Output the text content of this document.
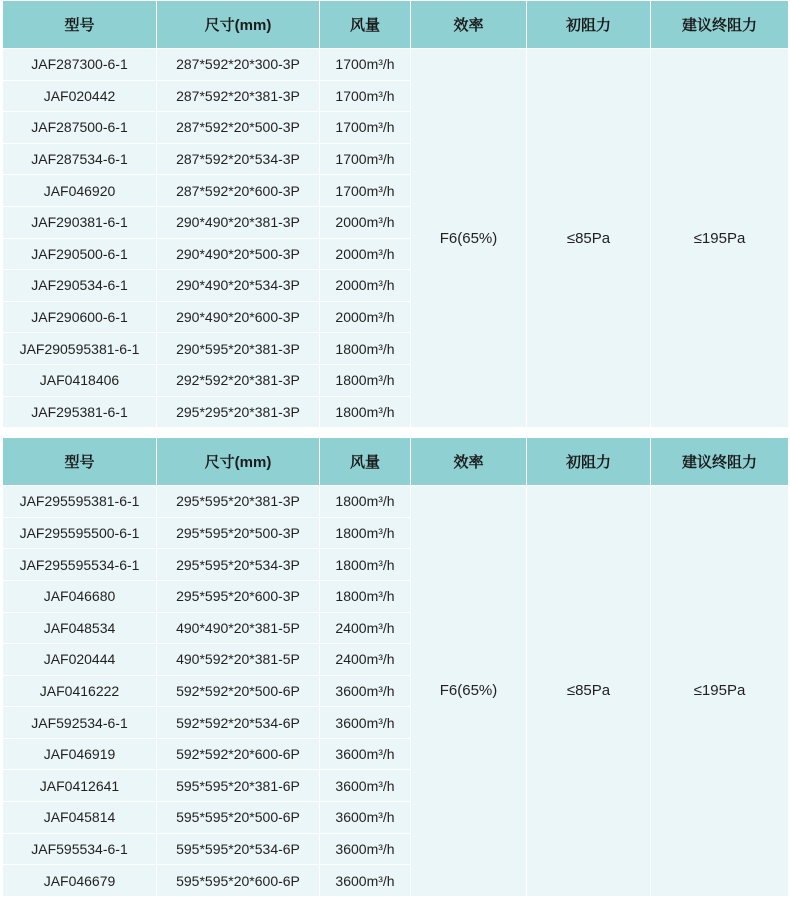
型号	尺寸(mm)	风量	效率	初阻力	建议终阻力
JAF287300-6-1	287*592*20*300-3P	1700m³/h	F6(65%)	≤85Pa	≤195Pa
JAF020442	287*592*20*381-3P	1700m³/h			
JAF287500-6-1	287*592*20*500-3P	1700m³/h			
JAF287534-6-1	287*592*20*534-3P	1700m³/h			
JAF046920	287*592*20*600-3P	1700m³/h			
JAF290381-6-1	290*490*20*381-3P	2000m³/h			
JAF290500-6-1	290*490*20*500-3P	2000m³/h			
JAF290534-6-1	290*490*20*534-3P	2000m³/h			
JAF290600-6-1	290*490*20*600-3P	2000m³/h			
JAF290595381-6-1	290*595*20*381-3P	1800m³/h			
JAF0418406	292*592*20*381-3P	1800m³/h			
JAF295381-6-1	295*295*20*381-3P	1800m³/h			
型号	尺寸(mm)	风量	效率	初阻力	建议终阻力
JAF295595381-6-1	295*595*20*381-3P	1800m³/h	F6(65%)	≤85Pa	≤195Pa
JAF295595500-6-1	295*595*20*500-3P	1800m³/h			
JAF295595534-6-1	295*595*20*534-3P	1800m³/h			
JAF046680	295*595*20*600-3P	1800m³/h			
JAF048534	490*490*20*381-5P	2400m³/h			
JAF020444	490*592*20*381-5P	2400m³/h			
JAF0416222	592*592*20*500-6P	3600m³/h			
JAF592534-6-1	592*592*20*534-6P	3600m³/h			
JAF046919	592*592*20*600-6P	3600m³/h			
JAF0412641	595*595*20*381-6P	3600m³/h			
JAF045814	595*595*20*500-6P	3600m³/h			
JAF595534-6-1	595*595*20*534-6P	3600m³/h			
JAF046679	595*595*20*600-6P	3600m³/h			
